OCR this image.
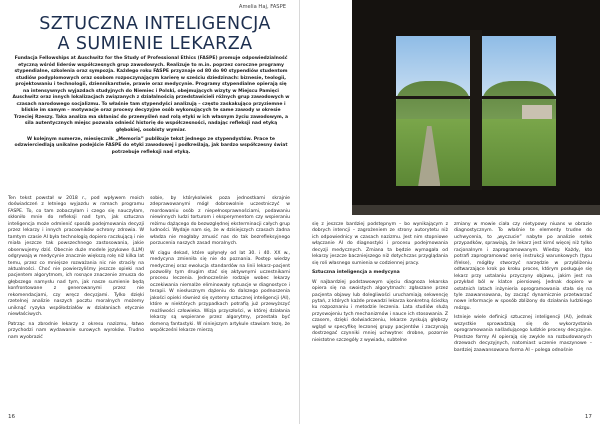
Amelia Haj, FASPE
SZTUCZNA INTELIGENCJA
A SUMIENIE LEKARZA

Fundacja Fellowships at Auschwitz for the Study of Professional Ethics (FASPE) promuje odpowiedzialność etyczną wśród liderów współczesnych grup zawodowych. Realizuje to m.in. poprzez coroczne programy stypendialne, szkolenia oraz sympozja. Każdego roku FASPE przyznaje od 80 do 90 stypendiów studentom studiów podyplomowych oraz osobom rozpoczynającym karierę w sześciu dziedzinach: biznesie, teologii, projektowaniu i technologii, dziennikarstwie, prawie oraz medycynie. Programy stypendialne opierają się na intensywnych wyjazdach studyjnych do Niemiec i Polski, obejmujących wizyty w Miejscu Pamięci Auschwitz oraz innych lokalizacjach związanych z działalnością przedstawicieli różnych grup zawodowych w czasach narodowego socjalizmu. To właśnie tam stypendyści analizują – często zaskakująco przyziemne i bliskie im samym – motywacje oraz procesy decyzyjne osób wykonujących te same zawody w okresie Trzeciej Rzeszy. Taka analiza ma skłaniać do przemyśleń nad rolą etyki w ich własnym życiu zawodowym, a sila autentycznych miejsc pozwala odnieść historię do współczesności, nadając refleksji nad etyką głębokiej, osobisty wymiar.

W kolejnym numerze, miesięcznik „Memoria” publikuje tekst jednego ze stypendystów. Prace te odzwierciedlają unikalne podejście FASPE do etyki zawodowej i podkreślają, jak bardzo współczesny świat potrzebuje refleksji nad etyką.

Ten tekst powstał w 2018 r., pod wpływem moich doświadczeń z letniego wyjazdu w ramach programu FASPE. To, co tam zobaczyłam i czego się nauczyłam, skłoniło mnie do refleksji nad tym, jak sztuczna inteligencja może odmienić sposób podejmowania decyzji przez lekarzy i innych pracowników ochrony zdrowia. W tamtym czasie AI była technologią dopiero raczkującą i nie miała jeszcze tak powszechnego zastosowania, jakie obserwujemy dziś. Obecnie duże modele językowe (LLM) odgrywają w medycynie znacznie większą rolę niż kilka lat temu, przez co mniejsze rozważania nic nie straciły na aktualności. Choć nie powierzyliśmy jeszcze opieki nad pacjentem algorytmom, ich rosnące znaczenie zmusza do głębszego namysłu nad tym, jak nasze sumienie będą konfrontowane z generowanymi przez nie rekomendacjami, czy wręcz decyzjami. Tylko dzięki rzetelnej analizie naszych pocztu moralnych możemy uniknąć ryzyka współodziałów w działaniach etycznie niewłaściwych.

Patrząc na zbrodnie lekarzy z okresu nazizmu, łatwo przychodzi nam wydawanie surowych wyroków. Trudno nam wyobrazić

sobie, by którykolwiek poza jednostkami skrajnie zdeprawowanymi mógł dobrowolnie uczestniczyć w mordowaniu osób z niepełnosprawnościami, podawaniu niewinnych ludzi torturom i eksperymentom czy wspieraniu reżimu dążącego do bezwzględnej eksterminacji całych grup ludności. Wydaje nam się, że w dzisiejszych czasach żadna władza nie mogłaby zmusić nas do tak bezrefleksyjnego porzucenia naszych zasad moralnych.

W ciągu dekad, które upłynęły od lat 30. i 40. XX w., medycyna zmieniła się nie do poznania. Postęp wiedzy medycznej oraz ewolucja standardów na linii lekarz–pacjent pozwoliły tym drugim stać się aktywnymi uczestnikami procesu leczenia. Jednocześnie rodzaje wobec lekarzy oczekiwania niemalże eliminowały sytuacje w diagnostyce i terapii. W niesłusznym dążeniu do dalszego podnoszenia jakości opieki również się systemy sztucznej inteligencji (AI), które w niektórych przypadkach potrafią już przewyższyć możliwości człowieka. Wizja przyszłości, w której działania lekarzy są wspierane przez algorytmy, przestała być domeną fantastyki. W niniejszym artykule stawiam tezę, że współcześni lekarze mierzą

16

się z jeszcze bardziej podstępnym – bo wynikającym z dobrych intencji – zagrożeniem ze strony autorytetu niż ich odpowiednicy w czasach nazizmu. Jest nim stopniowe włączanie AI do diagnostyki i procesu podejmowania decyzji medycznych. Zmiana ta będzie wymagała od lekarzy jeszcze baczniejszego niż dotychczas przyglądania się roli własnego sumienia w codziennej pracy.

Sztuczna inteligencja a medycyna

W najbardziej podstawowym ujęciu diagnoza lekarska opiera się na swoistych algorytmach: zgłaszane przez pacjenta objawy lub dolegliwości uruchamiają sekwencję pytań, z których każde prowadzi lekarza konkretną ścieżką ku rozpoznaniu i metodzie leczenia. Lata studiów służą przyswojeniu tych mechanizmów i nauce ich stosowania. Z czasem, dzięki doświadczeniu, lekarze zyskują głębszy wgląd w specyfikę leczonej grupy pacjentów i zaczynają dostrzegać czynniki mniej uchwytne: drobne, pozornie nieistotne szczegóły z wywiadu, subtelne

zmiany w mowie ciała czy nietypowy niuans w obrazie diagnostycznym. To właśnie te elementy trudne do uchwycenia, to „wyczucie” nabyte po analizie setek przypadków, sprawiają, że lekarz jest kimś więcej niż tylko racjonalnym i zaprogramowanym. Wiedzy. Każdy, kto potrafi zaprogramować serię instrukcji warunkowych (typu if/else), mógłby stworzyć narzędzie w przybliżeniu odtwarzające krok po kroku proces, którym posługuje się lekarz przy ustalaniu przyczyny objawu, jakim jest na przykład ból w klatce piersiowej. Jednak dopiero w ostatnich latach inżynieria oprogramowania stała się na tyle zaawansowana, by zacząć dynamicznie przetwarzać nowe informacje w sposób zbliżony do działania ludzkiego mózgu.

Istnieje wiele definicji sztucznej inteligencji (AI), jednak wszystkie sprowadzają się do wykorzystania oprogramowania naśladującego ludzkie procesy decyzyjne. Prostsze formy AI opierają się zwykle na rozbudowanych drzewach decyzyjnych, natomiast uczenie maszynowe – bardziej zaawansowana forma AI – polega odnośnie

17
